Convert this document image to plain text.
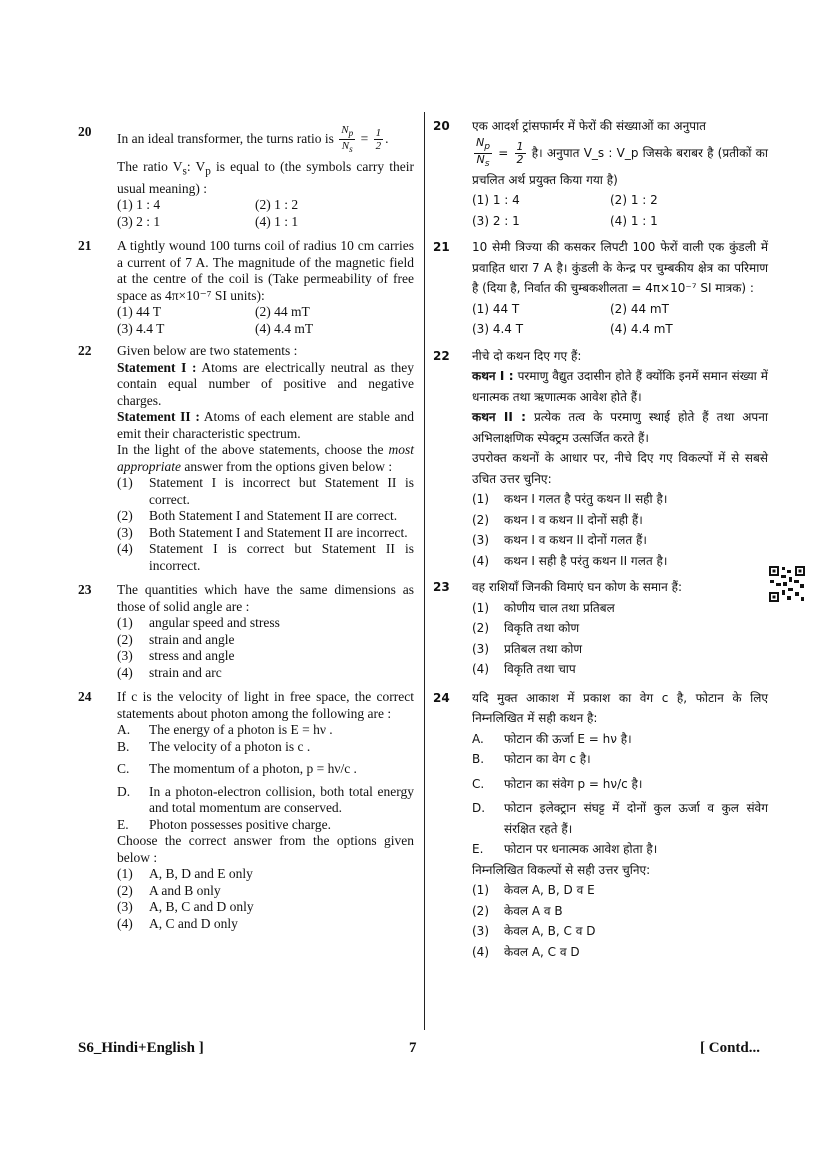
20 In an ideal transformer, the turns ratio is $\frac{N_p}{N_s} = \frac{1}{2}$ .
The ratio $V_s$: $V_p$ is equal to (the symbols carry their usual meaning) :
(1) 1 : 4	(2) 1 : 2
(3) 2 : 1	(4) 1 : 1
21 A tightly wound 100 turns coil of radius 10 cm carries a current of 7 A. The magnitude of the magnetic field at the centre of the coil is (Take permeability of free space as 4π×10⁻⁷ SI units):
(1) 44 T	(2) 44 mT
(3) 4.4 T	(4) 4.4 mT
22 Given below are two statements :
Statement I : Atoms are electrically neutral as they contain equal number of positive and negative charges.
Statement II : Atoms of each element are stable and emit their characteristic spectrum.
In the light of the above statements, choose the most appropriate answer from the options given below :
(1)	Statement I is incorrect but Statement II is correct.
(2)	Both Statement I and Statement II are correct.
(3)	Both Statement I and Statement II are incorrect.
(4)	Statement I is correct but Statement II is incorrect.
23 The quantities which have the same dimensions as those of solid angle are :
(1)	angular speed and stress
(2)	strain and angle
(3)	stress and angle
(4)	strain and arc
24 If c is the velocity of light in free space, the correct statements about photon among the following are :
A.	The energy of a photon is E = hν .
B.	The velocity of a photon is c .
C.	The momentum of a photon, p = hν/c .
D.	In a photon-electron collision, both total energy and total momentum are conserved.
E.	Photon possesses positive charge.
Choose the correct answer from the options given below :
(1)	A, B, D and E only
(2)	A and B only
(3)	A, B, C and D only
(4)	A, C and D only
20 एक आदर्श ट्रांसफार्मर में फेरों की संख्याओं का अनुपात
$\frac{N_p}{N_s} = \frac{1}{2}$ है। अनुपात V_s : V_p जिसके बराबर है (प्रतीकों का प्रचलित अर्थ प्रयुक्त किया गया है)
(1) 1 : 4	(2) 1 : 2
(3) 2 : 1	(4) 1 : 1
21 10 सेमी त्रिज्या की कसकर लिपटी 100 फेरों वाली एक कुंडली में प्रवाहित धारा 7 A है। कुंडली के केन्द्र पर चुम्बकीय क्षेत्र का परिमाण है (दिया है, निर्वात की चुम्बकशीलता = 4π×10⁻⁷ SI मात्रक) :
(1) 44 T	(2) 44 mT
(3) 4.4 T	(4) 4.4 mT
22 नीचे दो कथन दिए गए हैं:
कथन I : परमाणु वैद्युत उदासीन होते हैं क्योंकि इनमें समान संख्या में धनात्मक तथा ऋणात्मक आवेश होते हैं।
कथन II : प्रत्येक तत्व के परमाणु स्थाई होते हैं तथा अपना अभिलाक्षणिक स्पेक्ट्रम उत्सर्जित करते हैं।
उपरोक्त कथनों के आधार पर, नीचे दिए गए विकल्पों में से सबसे उचित उत्तर चुनिए:
(1)	कथन I गलत है परंतु कथन II सही है।
(2)	कथन I व कथन II दोनों सही हैं।
(3)	कथन I व कथन II दोनों गलत हैं।
(4)	कथन I सही है परंतु कथन II गलत है।
23 वह राशियाँ जिनकी विमाएं घन कोण के समान हैं:
(1)	कोणीय चाल तथा प्रतिबल
(2)	विकृति तथा कोण
(3)	प्रतिबल तथा कोण
(4)	विकृति तथा चाप
24 यदि मुक्त आकाश में प्रकाश का वेग c है, फोटान के लिए निम्नलिखित में सही कथन है:
A.	फोटान की ऊर्जा E = hν है।
B.	फोटान का वेग c है।
C.	फोटान का संवेग p = hν/c है।
D.	फोटान इलेक्ट्रान संघट्ट में दोनों कुल ऊर्जा व कुल संवेग संरक्षित रहते हैं।
E.	फोटान पर धनात्मक आवेश होता है।
निम्नलिखित विकल्पों से सही उत्तर चुनिए:
(1)	केवल A, B, D व E
(2)	केवल A व B
(3)	केवल A, B, C व D
(4)	केवल A, C व D
S6_Hindi+English ]	7	[ Contd...
